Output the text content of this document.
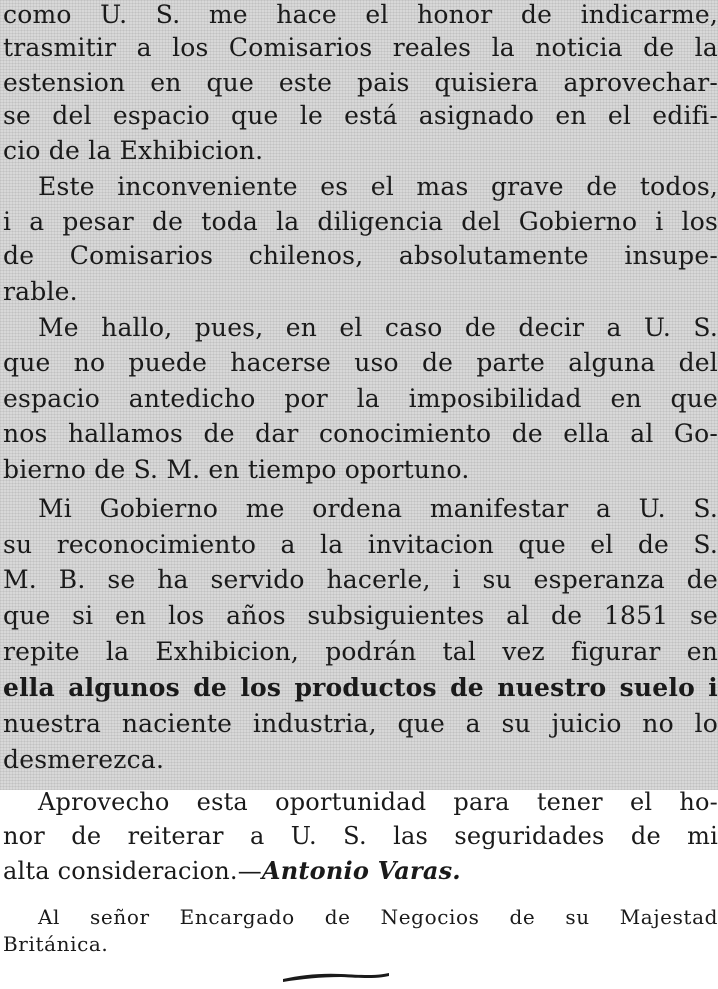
como U. S. me hace el honor de indicarme,
trasmitir a los Comisarios reales la noticia de la
estension en que este pais quisiera aprovechar-
se del espacio que le está asignado en el edifi-
cio de la Exhibicion.
Este inconveniente es el mas grave de todos,
i a pesar de toda la diligencia del Gobierno i los
de Comisarios chilenos, absolutamente insupe-
rable.
Me hallo, pues, en el caso de decir a U. S.
que no puede hacerse uso de parte alguna del
espacio antedicho por la imposibilidad en que
nos hallamos de dar conocimiento de ella al Go-
bierno de S. M. en tiempo oportuno.
Mi Gobierno me ordena manifestar a U. S.
su reconocimiento a la invitacion que el de S.
M. B. se ha servido hacerle, i su esperanza de
que si en los años subsiguientes al de 1851 se
repite la Exhibicion, podrán tal vez figurar en
ella algunos de los productos de nuestro suelo i
nuestra naciente industria, que a su juicio no lo
desmerezca.
Aprovecho esta oportunidad para tener el ho-
nor de reiterar a U. S. las seguridades de mi
alta consideracion.—Antonio Varas.
Al señor Encargado de Negocios de su Majestad
Británica.
